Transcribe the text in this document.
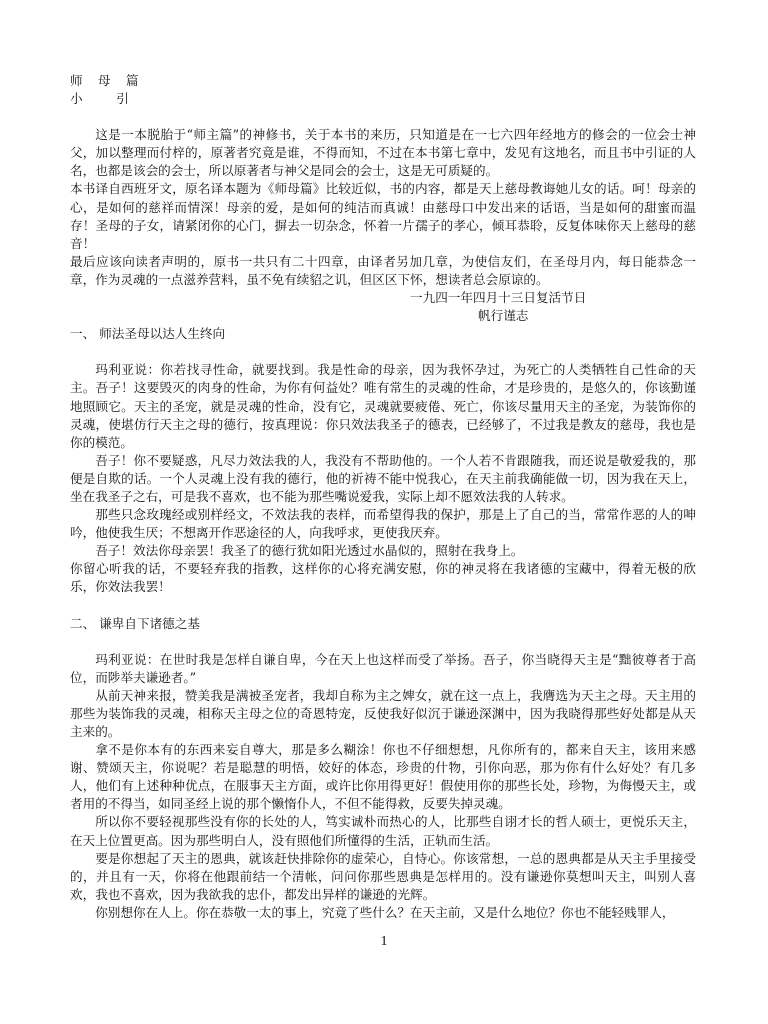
师 母 篇
小　 引
这是一本脱胎于“师主篇”的神修书，关于本书的来历，只知道是在一七六四年经地方的修会的一位会士神父，加以整理而付梓的，原著者究竟是谁，不得而知，不过在本书第七章中，发见有这地名，而且书中引证的人名，也都是该会的会士，所以原著者与神父是同会的会士，这是无可质疑的。
本书译自西班牙文，原名译本题为《师母篇》比较近似，书的内容，都是天上慈母教诲她儿女的话。呵！母亲的心，是如何的慈祥而情深！母亲的爱，是如何的纯洁而真诚！由慈母口中发出来的话语，当是如何的甜蜜而温存！圣母的子女，请紧闭你的心门，摒去一切杂念，怀着一片孺子的孝心，倾耳恭聆，反复体味你天上慈母的慈音！
最后应该向读者声明的，原书一共只有二十四章，由译者另加几章，为使信友们，在圣母月内，每日能恭念一章，作为灵魂的一点滋养营料，虽不免有续貂之讥，但区区下怀，想读者总会原谅的。
一九四一年四月十三日复活节日
帆行谨志
一、 师法圣母以达人生终向
玛利亚说：你若找寻性命，就要找到。我是性命的母亲，因为我怀孕过，为死亡的人类牺牲自己性命的天主。吾子！这要毁灭的肉身的性命，为你有何益处？唯有常生的灵魂的性命，才是珍贵的，是悠久的，你该勤谨地照顾它。天主的圣宠，就是灵魂的性命，没有它，灵魂就要疲倦、死亡，你该尽量用天主的圣宠，为装饰你的灵魂，使堪仿行天主之母的德行，按真理说：你只效法我圣子的德表，已经够了，不过我是教友的慈母，我也是你的模范。
吾子！你不要疑惑，凡尽力效法我的人，我没有不帮助他的。一个人若不肯跟随我，而还说是敬爱我的，那便是自欺的话。一个人灵魂上没有我的德行，他的祈祷不能中悦我心，在天主前我确能做一切，因为我在天上，坐在我圣子之右，可是我不喜欢，也不能为那些嘴说爱我，实际上却不愿效法我的人转求。
那些只念玫瑰经或别样经文，不效法我的表样，而希望得我的保护，那是上了自己的当，常常作恶的人的呻吟，他使我生厌；不想离开作恶途径的人，向我呼求，更使我厌弃。
吾子！效法你母亲罢！我圣了的德行犹如阳光透过水晶似的，照射在我身上。
你留心听我的话，不要轻弃我的指教，这样你的心将充满安慰，你的神灵将在我诸德的宝藏中，得着无极的欣乐，你效法我罢！
二、 谦卑自下诸德之基
玛利亚说：在世时我是怎样自谦自卑，今在天上也这样而受了举扬。吾子，你当晓得天主是“黜彼尊者于高位，而陟举夫谦逊者。”
从前天神来报，赞美我是满被圣宠者，我却自称为主之婢女，就在这一点上，我膺选为天主之母。天主用的那些为装饰我的灵魂，相称天主母之位的奇恩特宠，反使我好似沉于谦逊深渊中，因为我晓得那些好处都是从天主来的。
拿不是你本有的东西来妄自尊大，那是多么糊涂！你也不仔细想想，凡你所有的，都来自天主，该用来感谢、赞颂天主，你说呢？若是聪慧的明悟，姣好的体态，珍贵的什物，引你向恶，那为你有什么好处？有几多人，他们有上述种种优点，在服事天主方面，或许比你用得更好！假使用你的那些长处，珍物，为侮慢天主，或者用的不得当，如同圣经上说的那个懒惰仆人，不但不能得救，反要失掉灵魂。
所以你不要轻视那些没有你的长处的人，笃实诚朴而热心的人，比那些自诩才长的哲人硕士，更悦乐天主，在天上位置更高。因为那些明白人，没有照他们所懂得的生活，正轨而生活。
要是你想起了天主的恩典，就该赶快排除你的虚荣心，自恃心。你该常想，一总的恩典都是从天主手里接受的，并且有一天，你将在他跟前结一个清帐，问问你那些恩典是怎样用的。没有谦逊你莫想叫天主，叫别人喜欢，我也不喜欢，因为我欲我的忠仆，都发出异样的谦逊的光辉。
你别想你在人上。你在恭敬一太的事上，究竟了些什么？在天主前，又是什么地位？你也不能轻贱罪人，
1
